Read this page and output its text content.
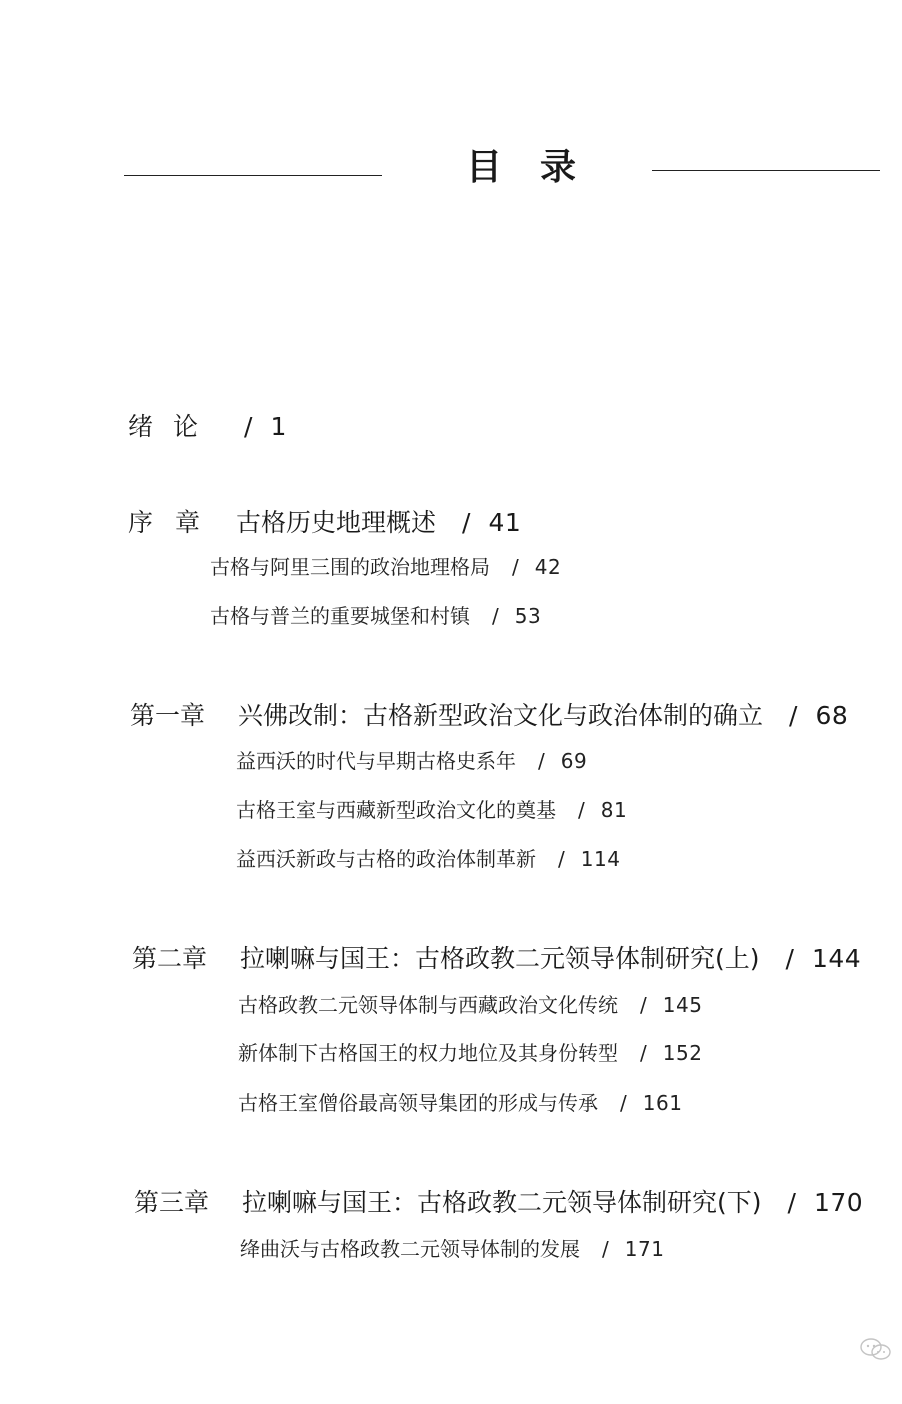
目录
绪论 / 1
序章 古格历史地理概述 / 41
古格与阿里三围的政治地理格局 / 42
古格与普兰的重要城堡和村镇 / 53
第一章 兴佛改制：古格新型政治文化与政治体制的确立 / 68
益西沃的时代与早期古格史系年 / 69
古格王室与西藏新型政治文化的奠基 / 81
益西沃新政与古格的政治体制革新 / 114
第二章 拉喇嘛与国王：古格政教二元领导体制研究(上) / 144
古格政教二元领导体制与西藏政治文化传统 / 145
新体制下古格国王的权力地位及其身份转型 / 152
古格王室僧俗最高领导集团的形成与传承 / 161
第三章 拉喇嘛与国王：古格政教二元领导体制研究(下) / 170
绛曲沃与古格政教二元领导体制的发展 / 171
